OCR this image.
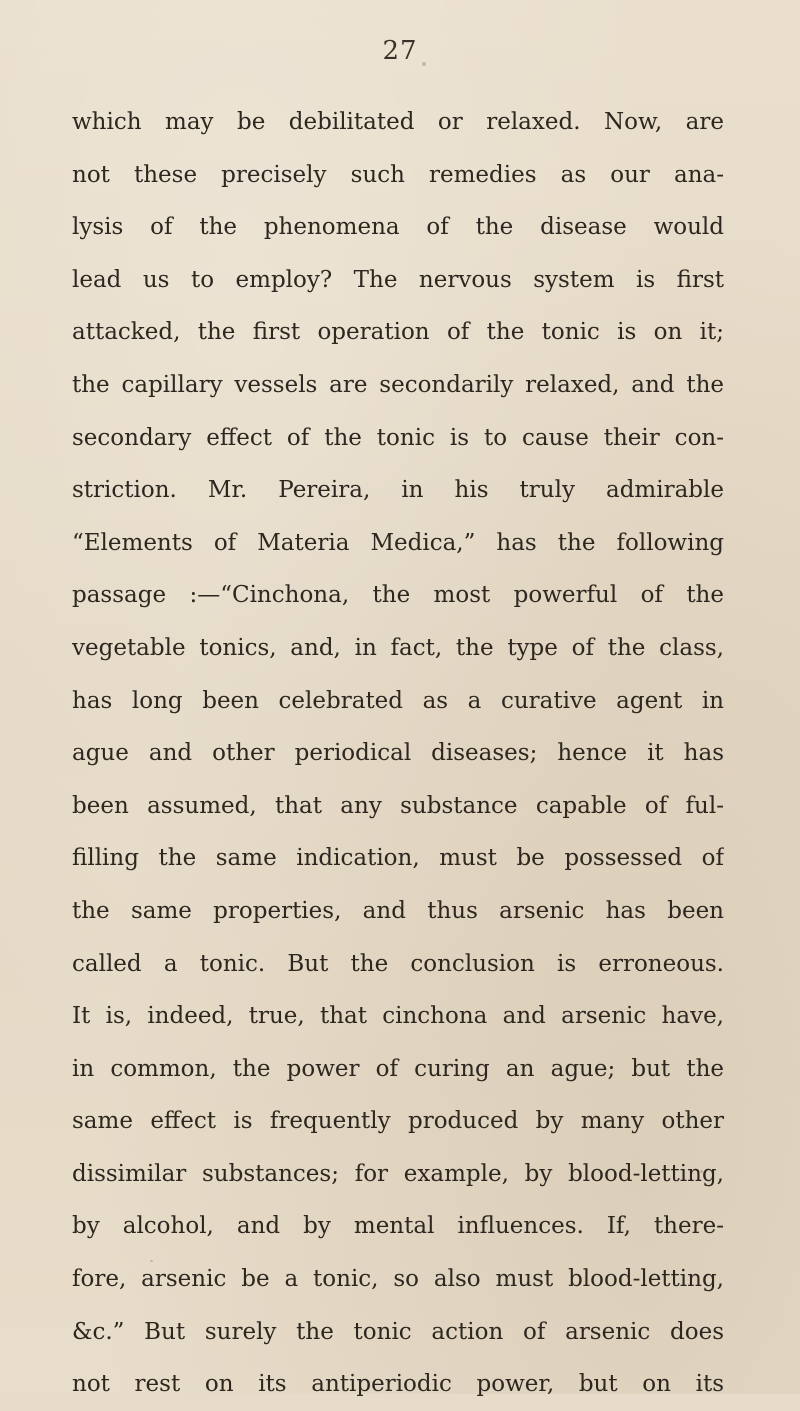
27
which may be debilitated or relaxed. Now, are
not these precisely such remedies as our ana-
lysis of the phenomena of the disease would
lead us to employ? The nervous system is first
attacked, the first operation of the tonic is on it;
the capillary vessels are secondarily relaxed, and the
secondary effect of the tonic is to cause their con-
striction. Mr. Pereira, in his truly admirable
“Elements of Materia Medica,” has the following
passage :—“Cinchona, the most powerful of the
vegetable tonics, and, in fact, the type of the class,
has long been celebrated as a curative agent in
ague and other periodical diseases; hence it has
been assumed, that any substance capable of ful-
filling the same indication, must be possessed of
the same properties, and thus arsenic has been
called a tonic. But the conclusion is erroneous.
It is, indeed, true, that cinchona and arsenic have,
in common, the power of curing an ague; but the
same effect is frequently produced by many other
dissimilar substances; for example, by blood-letting,
by alcohol, and by mental influences. If, there-
fore, arsenic be a tonic, so also must blood-letting,
&c.” But surely the tonic action of arsenic does
not rest on its antiperiodic power, but on its
